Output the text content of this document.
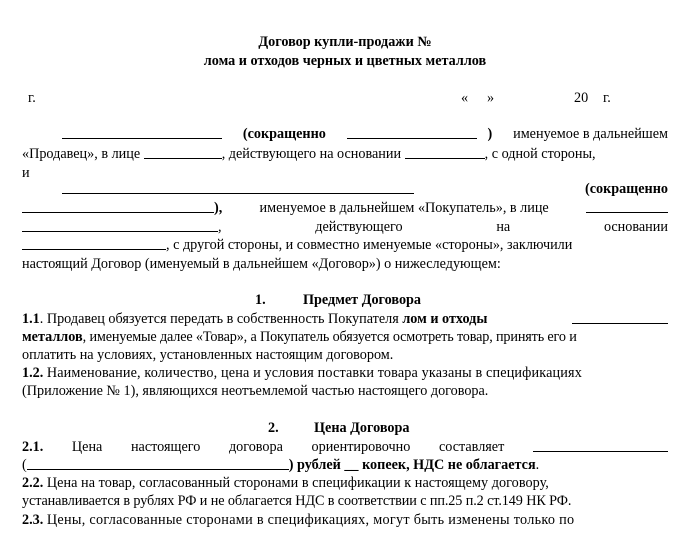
Договор купли-продажи №
лома и отходов черных и цветных металлов
г.	« »	20 г.
(сокращенно	) именуемое в дальнейшем
«Продавец», в лице	, действующего на основании	, с одной стороны,
и
(сокращенно
),	именуемое в дальнейшем «Покупатель», в лице
,	действующего	на	основании
, с другой стороны, и совместно именуемые «стороны», заключили
настоящий Договор (именуемый в дальнейшем «Договор») о нижеследующем:
1.	Предмет Договора
1.1. Продавец обязуется передать в собственность Покупателя лом и отходы
металлов, именуемые далее «Товар», а Покупатель обязуется осмотреть товар, принять его и
оплатить на условиях, установленных настоящим договором.
1.2. Наименование, количество, цена и условия поставки товара указаны в спецификациях
(Приложение № 1), являющихся неотъемлемой частью настоящего договора.
2. Цена Договора
2.1. Цена настоящего договора ориентировочно составляет
(	) рублей __ копеек, НДС не облагается.
2.2. Цена на товар, согласованный сторонами в спецификации к настоящему договору,
устанавливается в рублях РФ и не облагается НДС в соответствии с пп.25 п.2 ст.149 НК РФ.
2.3. Цены, согласованные сторонами в спецификациях, могут быть изменены только по
